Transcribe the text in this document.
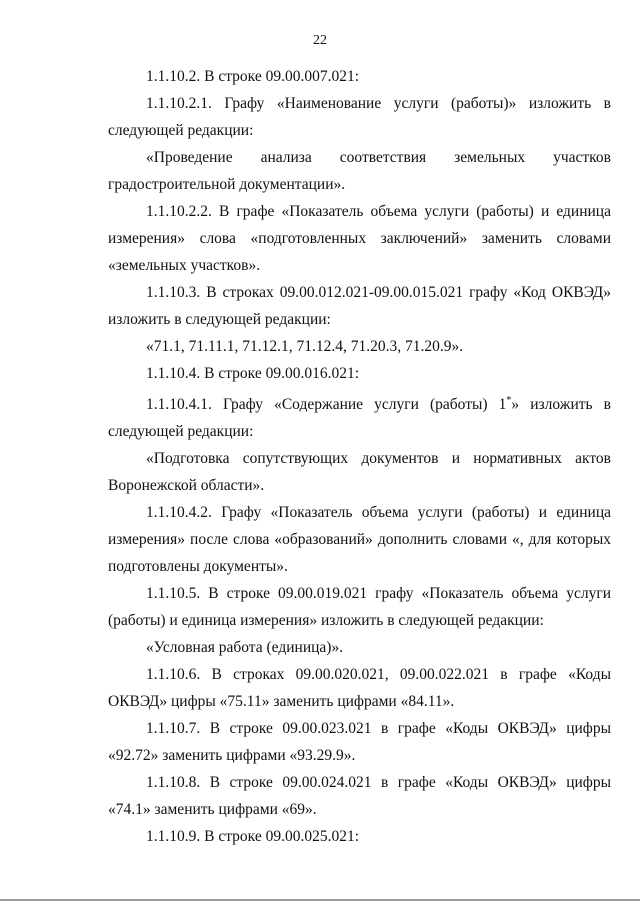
22

1.1.10.2. В строке 09.00.007.021:

1.1.10.2.1. Графу «Наименование услуги (работы)» изложить в следующей редакции:

«Проведение анализа соответствия земельных участков градостроительной документации».

1.1.10.2.2. В графе «Показатель объема услуги (работы) и единица измерения» слова «подготовленных заключений» заменить словами «земельных участков».

1.1.10.3. В строках 09.00.012.021-09.00.015.021 графу «Код ОКВЭД» изложить в следующей редакции:

«71.1, 71.11.1, 71.12.1, 71.12.4, 71.20.3, 71.20.9».

1.1.10.4. В строке 09.00.016.021:

1.1.10.4.1. Графу «Содержание услуги (работы) 1*» изложить в следующей редакции:

«Подготовка сопутствующих документов и нормативных актов Воронежской области».

1.1.10.4.2. Графу «Показатель объема услуги (работы) и единица измерения» после слова «образований» дополнить словами «, для которых подготовлены документы».

1.1.10.5. В строке 09.00.019.021 графу «Показатель объема услуги (работы) и единица измерения» изложить в следующей редакции:

«Условная работа (единица)».

1.1.10.6. В строках 09.00.020.021, 09.00.022.021 в графе «Коды ОКВЭД» цифры «75.11» заменить цифрами «84.11».

1.1.10.7. В строке 09.00.023.021 в графе «Коды ОКВЭД» цифры «92.72» заменить цифрами «93.29.9».

1.1.10.8. В строке 09.00.024.021 в графе «Коды ОКВЭД» цифры «74.1» заменить цифрами «69».

1.1.10.9. В строке 09.00.025.021:
